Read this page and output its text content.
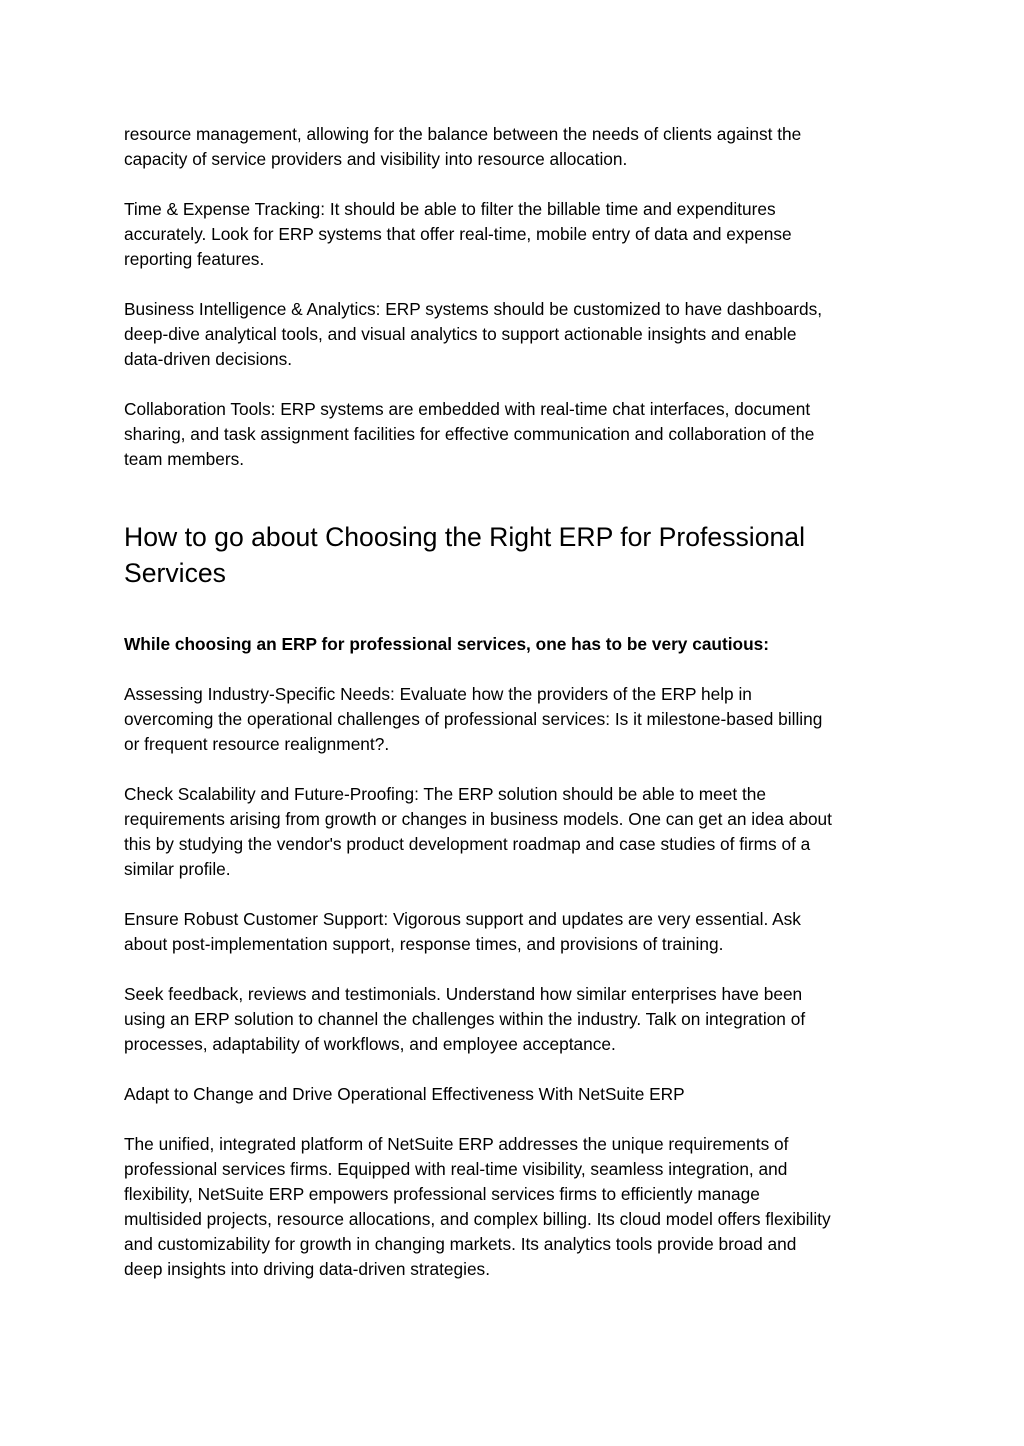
resource management, allowing for the balance between the needs of clients against the
capacity of service providers and visibility into resource allocation.

Time & Expense Tracking: It should be able to filter the billable time and expenditures
accurately. Look for ERP systems that offer real-time, mobile entry of data and expense
reporting features.

Business Intelligence & Analytics: ERP systems should be customized to have dashboards,
deep-dive analytical tools, and visual analytics to support actionable insights and enable
data-driven decisions.

Collaboration Tools: ERP systems are embedded with real-time chat interfaces, document
sharing, and task assignment facilities for effective communication and collaboration of the
team members.

How to go about Choosing the Right ERP for Professional
Services

While choosing an ERP for professional services, one has to be very cautious:

Assessing Industry-Specific Needs: Evaluate how the providers of the ERP help in
overcoming the operational challenges of professional services: Is it milestone-based billing
or frequent resource realignment?.

Check Scalability and Future-Proofing: The ERP solution should be able to meet the
requirements arising from growth or changes in business models. One can get an idea about
this by studying the vendor's product development roadmap and case studies of firms of a
similar profile.

Ensure Robust Customer Support: Vigorous support and updates are very essential. Ask
about post-implementation support, response times, and provisions of training.

Seek feedback, reviews and testimonials. Understand how similar enterprises have been
using an ERP solution to channel the challenges within the industry. Talk on integration of
processes, adaptability of workflows, and employee acceptance.

Adapt to Change and Drive Operational Effectiveness With NetSuite ERP

The unified, integrated platform of NetSuite ERP addresses the unique requirements of
professional services firms. Equipped with real-time visibility, seamless integration, and
flexibility, NetSuite ERP empowers professional services firms to efficiently manage
multisided projects, resource allocations, and complex billing. Its cloud model offers flexibility
and customizability for growth in changing markets. Its analytics tools provide broad and
deep insights into driving data-driven strategies.
